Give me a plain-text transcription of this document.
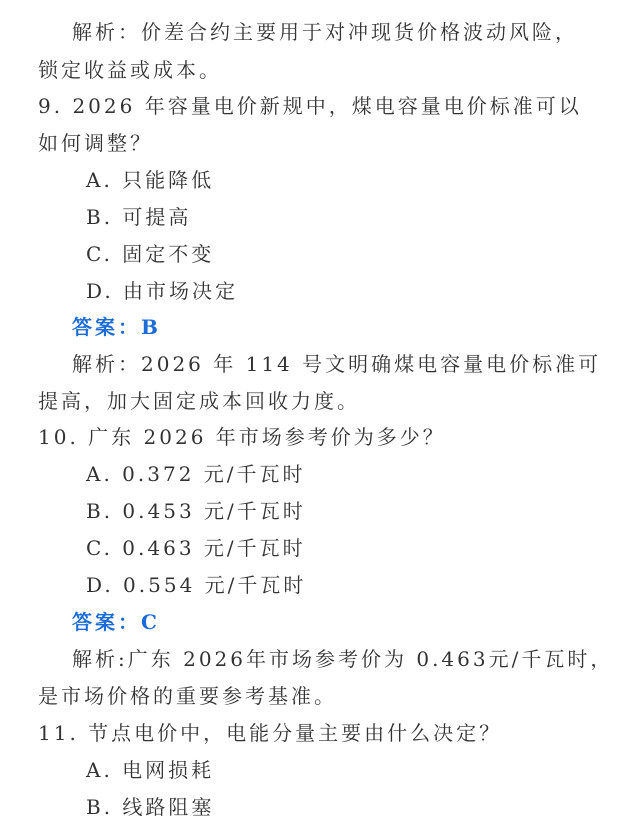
解析：价差合约主要用于对冲现货价格波动风险，
锁定收益或成本。
9. 2026 年容量电价新规中，煤电容量电价标准可以
如何调整？
A. 只能降低
B. 可提高
C. 固定不变
D. 由市场决定
答案：B
解析：2026 年 114 号文明确煤电容量电价标准可
提高，加大固定成本回收力度。
10. 广东 2026 年市场参考价为多少？
A. 0.372 元/千瓦时
B. 0.453 元/千瓦时
C. 0.463 元/千瓦时
D. 0.554 元/千瓦时
答案：C
解析:广东 2026年市场参考价为 0.463元/千瓦时，
是市场价格的重要参考基准。
11. 节点电价中，电能分量主要由什么决定？
A. 电网损耗
B. 线路阻塞
